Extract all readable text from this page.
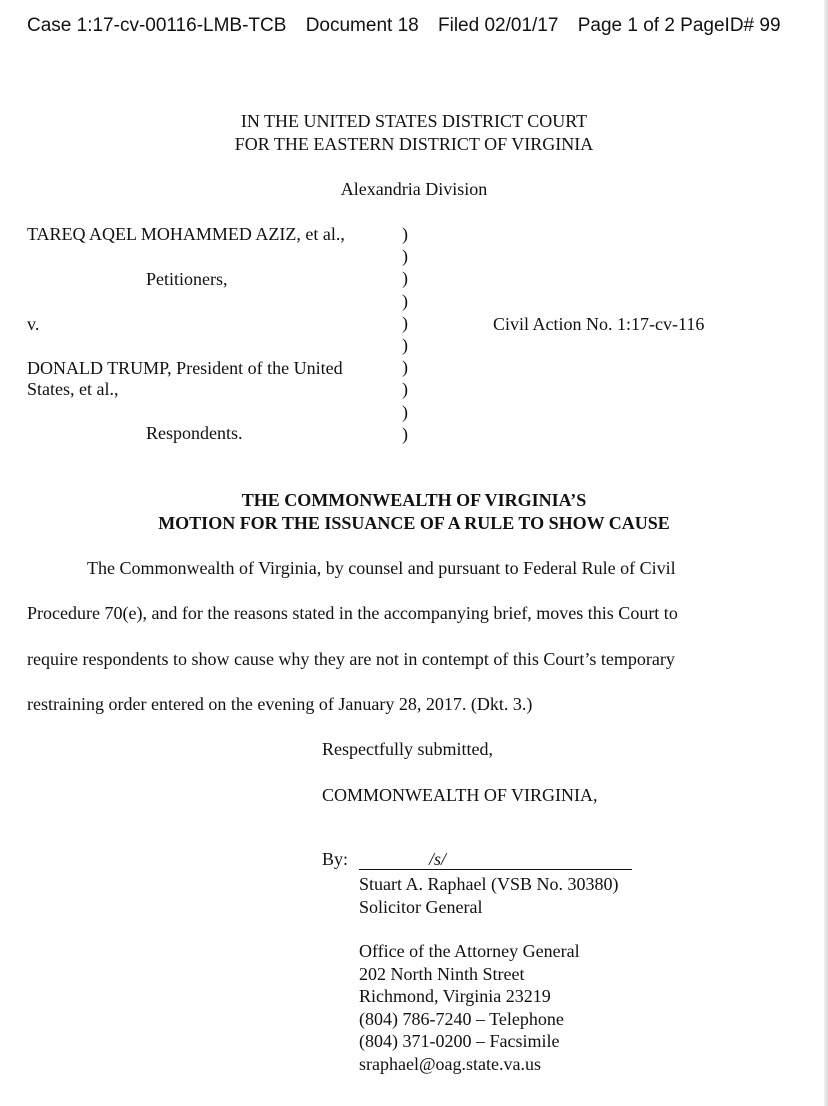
Case 1:17-cv-00116-LMB-TCB Document 18 Filed 02/01/17 Page 1 of 2 PageID# 99
IN THE UNITED STATES DISTRICT COURT
FOR THE EASTERN DISTRICT OF VIRGINIA
Alexandria Division
TAREQ AQEL MOHAMMED AZIZ, et al.,
Petitioners,
v.
DONALD TRUMP, President of the United
States, et al.,
Respondents.
)
)
)
)
)
)
)
)
)
)
Civil Action No. 1:17-cv-116
THE COMMONWEALTH OF VIRGINIA’S
MOTION FOR THE ISSUANCE OF A RULE TO SHOW CAUSE
The Commonwealth of Virginia, by counsel and pursuant to Federal Rule of Civil
Procedure 70(e), and for the reasons stated in the accompanying brief, moves this Court to
require respondents to show cause why they are not in contempt of this Court’s temporary
restraining order entered on the evening of January 28, 2017. (Dkt. 3.)
Respectfully submitted,
COMMONWEALTH OF VIRGINIA,
By:	/s/
Stuart A. Raphael (VSB No. 30380)
Solicitor General
Office of the Attorney General
202 North Ninth Street
Richmond, Virginia 23219
(804) 786-7240 – Telephone
(804) 371-0200 – Facsimile
sraphael@oag.state.va.us
